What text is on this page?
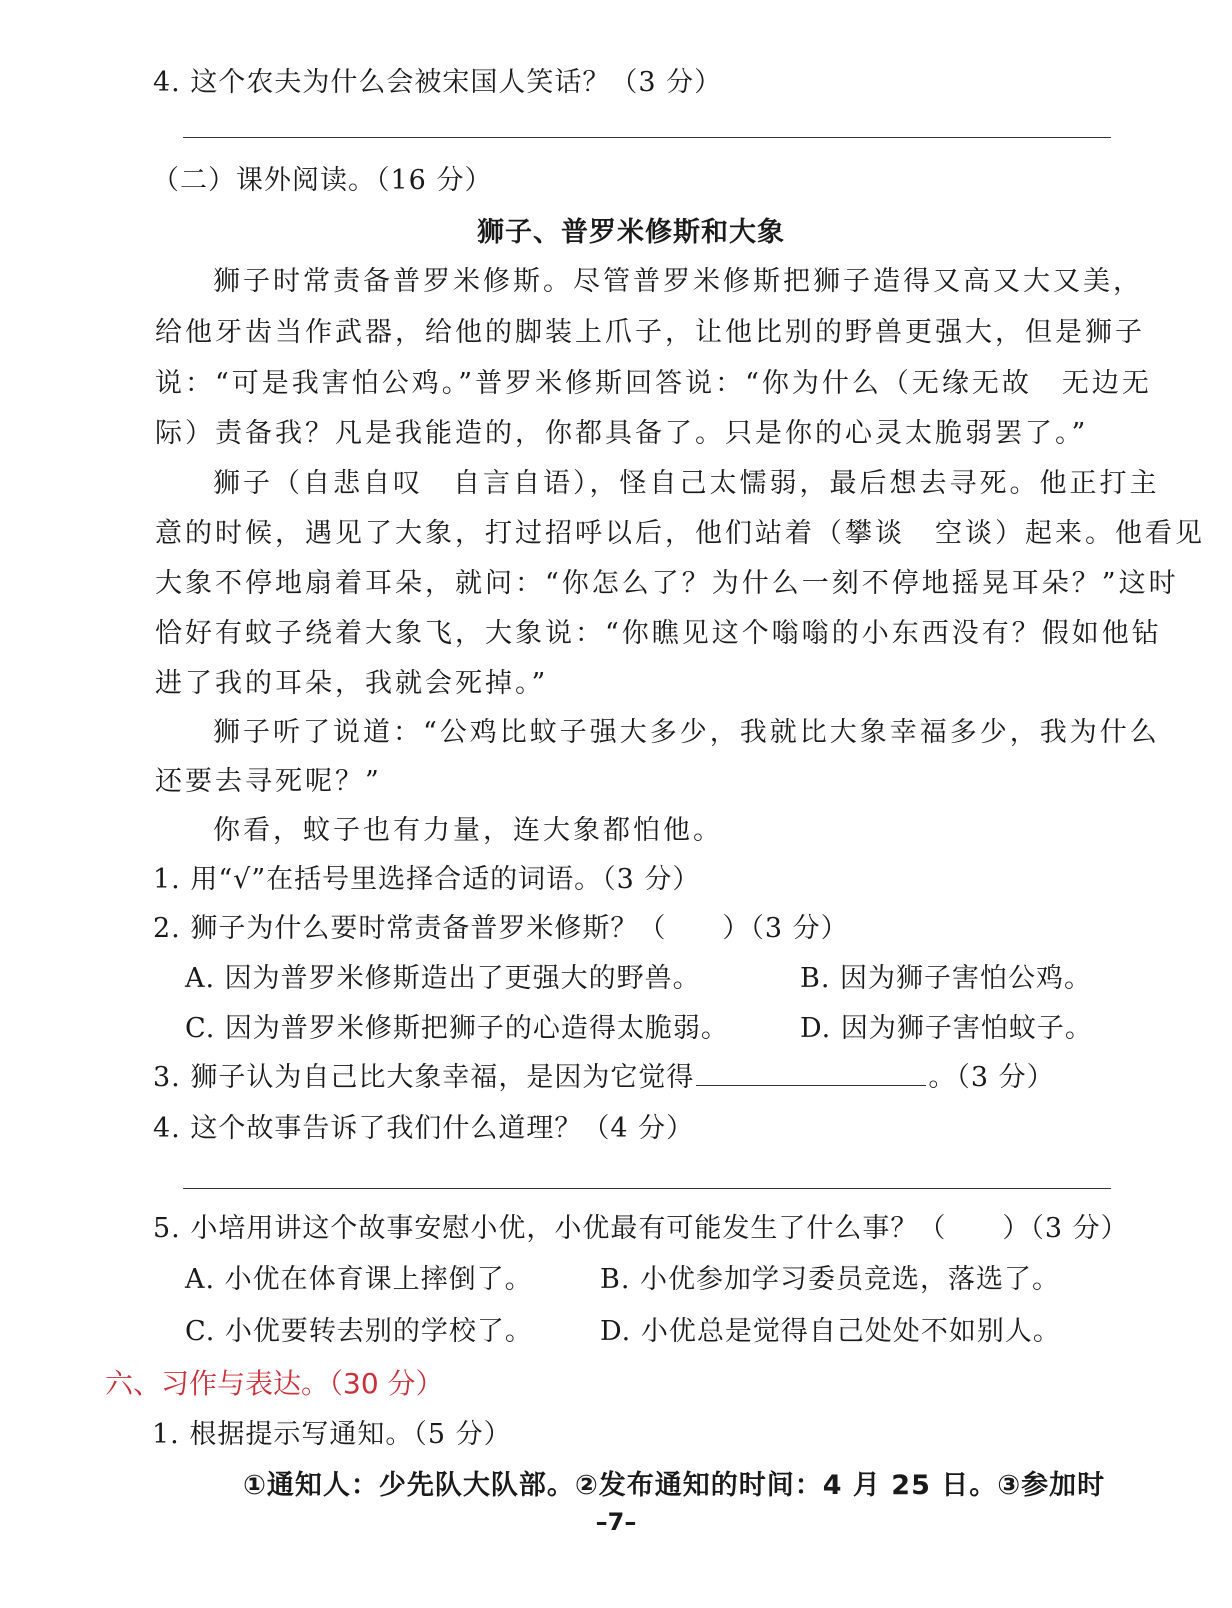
4. 这个农夫为什么会被宋国人笑话？（3 分）
（二）课外阅读。（16 分）
狮子、普罗米修斯和大象
狮子时常责备普罗米修斯。尽管普罗米修斯把狮子造得又高又大又美，
给他牙齿当作武器，给他的脚装上爪子，让他比别的野兽更强大，但是狮子
说：“可是我害怕公鸡。”普罗米修斯回答说：“你为什么（无缘无故　无边无
际）责备我？凡是我能造的，你都具备了。只是你的心灵太脆弱罢了。”
狮子（自悲自叹　自言自语），怪自己太懦弱，最后想去寻死。他正打主
意的时候，遇见了大象，打过招呼以后，他们站着（攀谈　空谈）起来。他看见
大象不停地扇着耳朵，就问：“你怎么了？为什么一刻不停地摇晃耳朵？”这时
恰好有蚊子绕着大象飞，大象说：“你瞧见这个嗡嗡的小东西没有？假如他钻
进了我的耳朵，我就会死掉。”
狮子听了说道：“公鸡比蚊子强大多少，我就比大象幸福多少，我为什么
还要去寻死呢？”
你看，蚊子也有力量，连大象都怕他。
1. 用“√”在括号里选择合适的词语。（3 分）
2. 狮子为什么要时常责备普罗米修斯？（　　）（3 分）
A. 因为普罗米修斯造出了更强大的野兽。	B. 因为狮子害怕公鸡。
C. 因为普罗米修斯把狮子的心造得太脆弱。	D. 因为狮子害怕蚊子。
3. 狮子认为自己比大象幸福，是因为它觉得	。（3 分）
4. 这个故事告诉了我们什么道理？（4 分）
5. 小培用讲这个故事安慰小优，小优最有可能发生了什么事？（　　）（3 分）
A. 小优在体育课上摔倒了。 B. 小优参加学习委员竞选，落选了。
C. 小优要转去别的学校了。 D. 小优总是觉得自己处处不如别人。
六、习作与表达。（30 分）
1. 根据提示写通知。（5 分）
①通知人：少先队大队部。②发布通知的时间：4 月 25 日。③参加时
–7–
